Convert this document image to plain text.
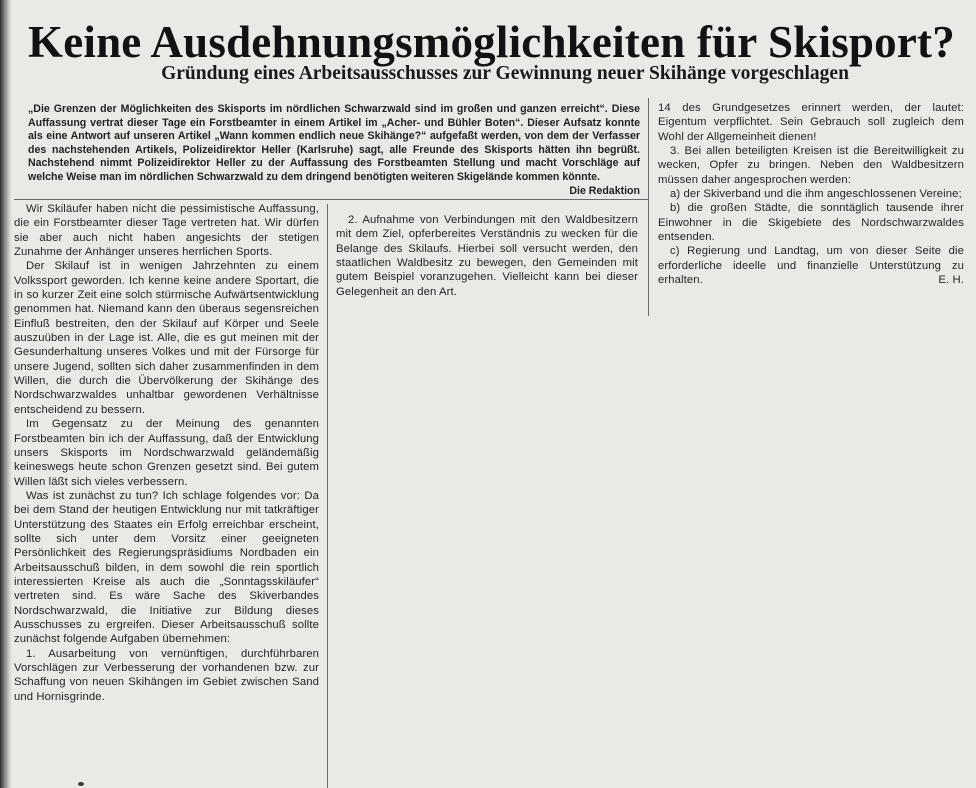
Keine Ausdehnungsmöglichkeiten für Skisport?
Gründung eines Arbeitsausschusses zur Gewinnung neuer Skihänge vorgeschlagen
„Die Grenzen der Möglichkeiten des Skisports im nördlichen Schwarzwald sind im großen und ganzen erreicht“. Diese Auffassung vertrat dieser Tage ein Forstbeamter in einem Artikel im „Acher- und Bühler Boten“. Dieser Aufsatz konnte als eine Antwort auf unseren Artikel „Wann kommen endlich neue Skihänge?“ aufgefaßt werden, von dem der Verfasser des nachstehenden Artikels, Polizeidirektor Heller (Karlsruhe) sagt, alle Freunde des Skisports hätten ihn begrüßt. Nachstehend nimmt Polizeidirektor Heller zu der Auffassung des Forstbeamten Stellung und macht Vorschläge auf welche Weise man im nördlichen Schwarzwald zu dem dringend benötigten weiteren Skigelände kommen könnte.
Die Redaktion

Wir Skiläufer haben nicht die pessimistische Auffassung, die ein Forstbeamter dieser Tage vertreten hat. Wir dürfen sie aber auch nicht haben angesichts der stetigen Zunahme der Anhänger unseres herrlichen Sports.

Der Skilauf ist in wenigen Jahrzehnten zu einem Volkssport geworden. Ich kenne keine andere Sportart, die in so kurzer Zeit eine solch stürmische Aufwärtsentwicklung genommen hat. Niemand kann den überaus segensreichen Einfluß bestreiten, den der Skilauf auf Körper und Seele auszuüben in der Lage ist. Alle, die es gut meinen mit der Gesunderhaltung unseres Volkes und mit der Fürsorge für unsere Jugend, sollten sich daher zusammenfinden in dem Willen, die durch die Übervölkerung der Skihänge des Nordschwarzwaldes unhaltbar gewordenen Verhältnisse entscheidend zu bessern.

Im Gegensatz zu der Meinung des genannten Forstbeamten bin ich der Auffassung, daß der Entwicklung unsers Skisports im Nordschwarzwald geländemäßig keineswegs heute schon Grenzen gesetzt sind. Bei gutem Willen läßt sich vieles verbessern.

Was ist zunächst zu tun? Ich schlage folgendes vor: Da bei dem Stand der heutigen Entwicklung nur mit tatkräftiger Unterstützung des Staates ein Erfolg erreichbar erscheint, sollte sich unter dem Vorsitz einer geeigneten Persönlichkeit des Regierungspräsidiums Nordbaden ein Arbeitsausschuß bilden, in dem sowohl die rein sportlich interessierten Kreise als auch die „Sonntagsskiläufer“ vertreten sind. Es wäre Sache des Skiverbandes Nordschwarzwald, die Initiative zur Bildung dieses Ausschusses zu ergreifen. Dieser Arbeitsausschuß sollte zunächst folgende Aufgaben übernehmen:

1. Ausarbeitung von vernünftigen, durchführbaren Vorschlägen zur Verbesserung der vorhandenen bzw. zur Schaffung von neuen Skihängen im Gebiet zwischen Sand und Hornisgrinde.

2. Aufnahme von Verbindungen mit den Waldbesitzern mit dem Ziel, opferbereites Verständnis zu wecken für die Belange des Skilaufs. Hierbei soll versucht werden, den staatlichen Waldbesitz zu bewegen, den Gemeinden mit gutem Beispiel voranzugehen. Vielleicht kann bei dieser Gelegenheit an den Art.

14 des Grundgesetzes erinnert werden, der lautet: Eigentum verpflichtet. Sein Gebrauch soll zugleich dem Wohl der Allgemeinheit dienen!

3. Bei allen beteiligten Kreisen ist die Bereitwilligkeit zu wecken, Opfer zu bringen. Neben den Waldbesitzern müssen daher angesprochen werden:

a) der Skiverband und die ihm angeschlossenen Vereine;

b) die großen Städte, die sonntäglich tausende ihrer Einwohner in die Skigebiete des Nordschwarzwaldes entsenden.

c) Regierung und Landtag, um von dieser Seite die erforderliche ideelle und finanzielle Unterstützung zu erhalten.	E. H.
